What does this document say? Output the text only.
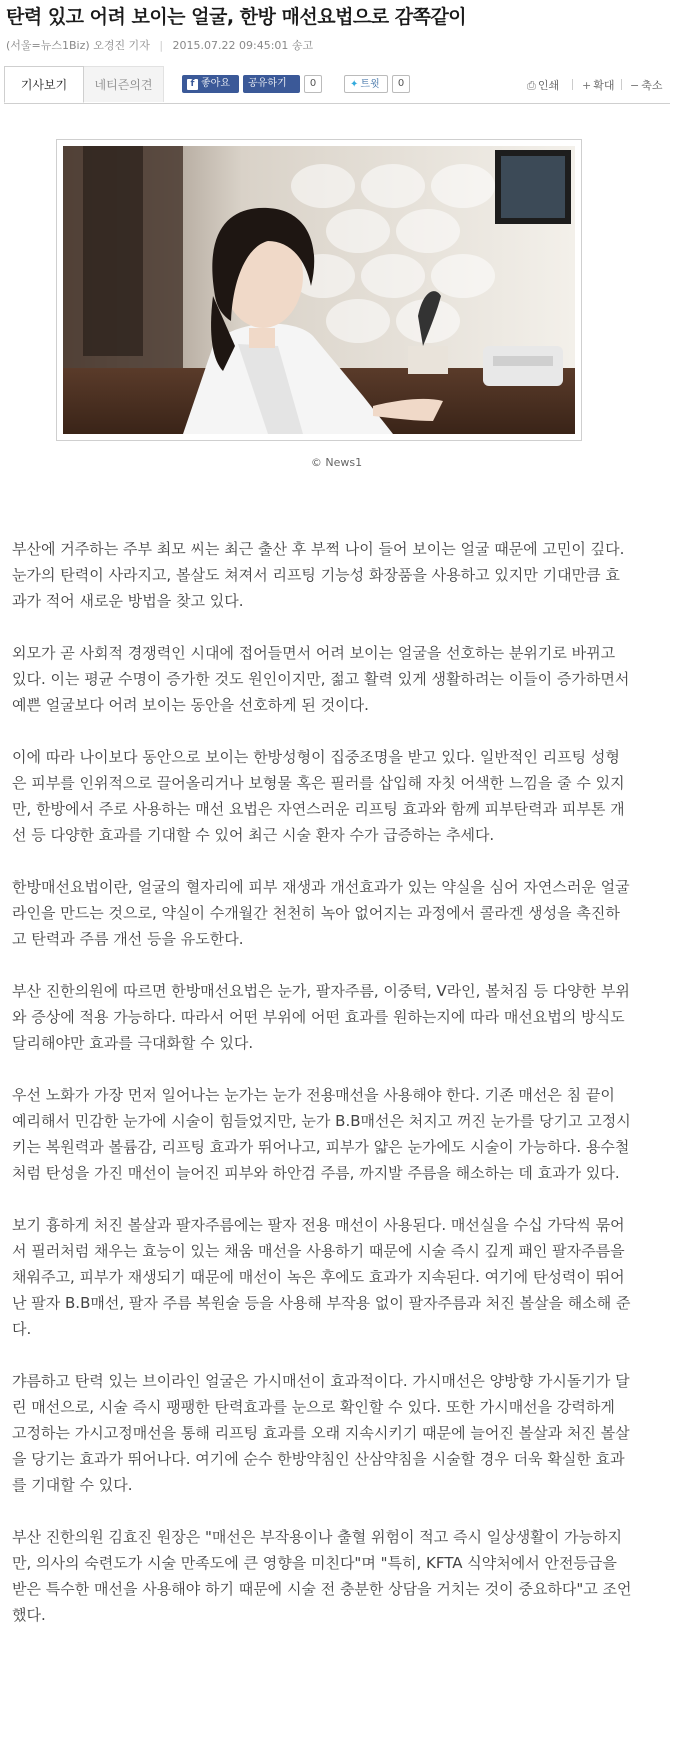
탄력 있고 어려 보이는 얼굴, 한방 매선요법으로 감쪽같이
(서울=뉴스1Biz) 오경진 기자 | 2015.07.22 09:45:01 송고
기사보기	네티즌의견	f 좋아요	공유하기	0	✦ 트윗	0	⎙ 인쇄 + 확대 − 축소
© News1

부산에 거주하는 주부 최모 씨는 최근 출산 후 부쩍 나이 들어 보이는 얼굴 때문에 고민이 깊다. 눈가의 탄력이 사라지고, 볼살도 쳐져서 리프팅 기능성 화장품을 사용하고 있지만 기대만큼 효과가 적어 새로운 방법을 찾고 있다.

외모가 곧 사회적 경쟁력인 시대에 접어들면서 어려 보이는 얼굴을 선호하는 분위기로 바뀌고 있다. 이는 평균 수명이 증가한 것도 원인이지만, 젊고 활력 있게 생활하려는 이들이 증가하면서 예쁜 얼굴보다 어려 보이는 동안을 선호하게 된 것이다.

이에 따라 나이보다 동안으로 보이는 한방성형이 집중조명을 받고 있다. 일반적인 리프팅 성형은 피부를 인위적으로 끌어올리거나 보형물 혹은 필러를 삽입해 자칫 어색한 느낌을 줄 수 있지만, 한방에서 주로 사용하는 매선 요법은 자연스러운 리프팅 효과와 함께 피부탄력과 피부톤 개선 등 다양한 효과를 기대할 수 있어 최근 시술 환자 수가 급증하는 추세다.

한방매선요법이란, 얼굴의 혈자리에 피부 재생과 개선효과가 있는 약실을 심어 자연스러운 얼굴라인을 만드는 것으로, 약실이 수개월간 천천히 녹아 없어지는 과정에서 콜라겐 생성을 촉진하고 탄력과 주름 개선 등을 유도한다.

부산 진한의원에 따르면 한방매선요법은 눈가, 팔자주름, 이중턱, V라인, 볼처짐 등 다양한 부위와 증상에 적용 가능하다. 따라서 어떤 부위에 어떤 효과를 원하는지에 따라 매선요법의 방식도 달리해야만 효과를 극대화할 수 있다.

우선 노화가 가장 먼저 일어나는 눈가는 눈가 전용매선을 사용해야 한다. 기존 매선은 침 끝이 예리해서 민감한 눈가에 시술이 힘들었지만, 눈가 B.B매선은 처지고 꺼진 눈가를 당기고 고정시키는 복원력과 볼륨감, 리프팅 효과가 뛰어나고, 피부가 얇은 눈가에도 시술이 가능하다. 용수철처럼 탄성을 가진 매선이 늘어진 피부와 하안검 주름, 까지발 주름을 해소하는 데 효과가 있다.

보기 흉하게 처진 볼살과 팔자주름에는 팔자 전용 매선이 사용된다. 매선실을 수십 가닥씩 묶어서 필러처럼 채우는 효능이 있는 채움 매선을 사용하기 때문에 시술 즉시 깊게 패인 팔자주름을 채워주고, 피부가 재생되기 때문에 매선이 녹은 후에도 효과가 지속된다. 여기에 탄성력이 뛰어난 팔자 B.B매선, 팔자 주름 복원술 등을 사용해 부작용 없이 팔자주름과 처진 볼살을 해소해 준다.

갸름하고 탄력 있는 브이라인 얼굴은 가시매선이 효과적이다. 가시매선은 양방향 가시돌기가 달린 매선으로, 시술 즉시 팽팽한 탄력효과를 눈으로 확인할 수 있다. 또한 가시매선을 강력하게 고정하는 가시고정매선을 통해 리프팅 효과를 오래 지속시키기 때문에 늘어진 볼살과 처진 볼살을 당기는 효과가 뛰어나다. 여기에 순수 한방약침인 산삼약침을 시술할 경우 더욱 확실한 효과를 기대할 수 있다.

부산 진한의원 김효진 원장은 "매선은 부작용이나 출혈 위험이 적고 즉시 일상생활이 가능하지만, 의사의 숙련도가 시술 만족도에 큰 영향을 미친다"며 "특히, KFTA 식약처에서 안전등급을 받은 특수한 매선을 사용해야 하기 때문에 시술 전 충분한 상담을 거치는 것이 중요하다"고 조언했다.
